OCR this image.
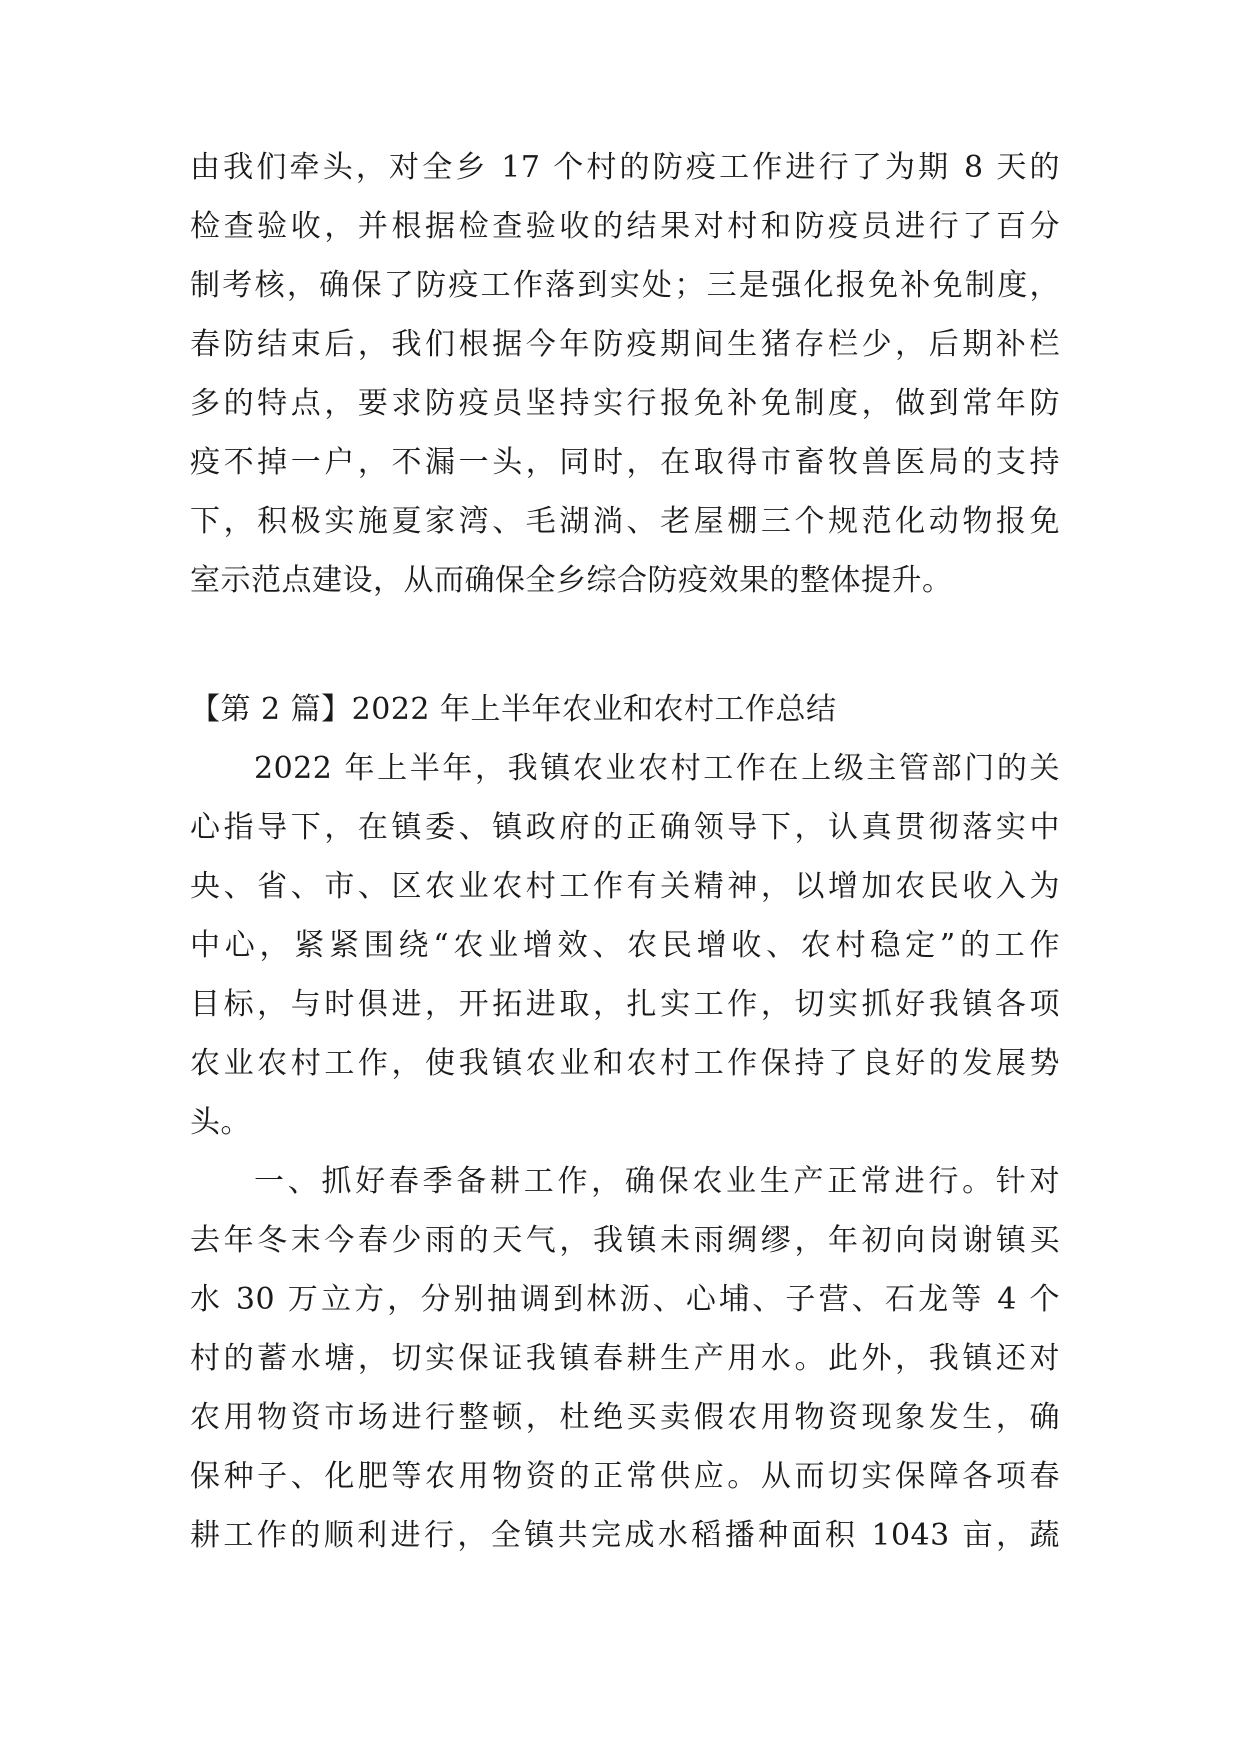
由我们牵头，对全乡 17 个村的防疫工作进行了为期 8 天的
检查验收，并根据检查验收的结果对村和防疫员进行了百分
制考核，确保了防疫工作落到实处；三是强化报免补免制度，
春防结束后，我们根据今年防疫期间生猪存栏少，后期补栏
多的特点，要求防疫员坚持实行报免补免制度，做到常年防
疫不掉一户，不漏一头，同时，在取得市畜牧兽医局的支持
下，积极实施夏家湾、毛湖淌、老屋棚三个规范化动物报免
室示范点建设，从而确保全乡综合防疫效果的整体提升。
【第 2 篇】2022 年上半年农业和农村工作总结
2022 年上半年，我镇农业农村工作在上级主管部门的关
心指导下，在镇委、镇政府的正确领导下，认真贯彻落实中
央、省、市、区农业农村工作有关精神，以增加农民收入为
中心，紧紧围绕“农业增效、农民增收、农村稳定”的工作
目标，与时俱进，开拓进取，扎实工作，切实抓好我镇各项
农业农村工作，使我镇农业和农村工作保持了良好的发展势
头。
一、抓好春季备耕工作，确保农业生产正常进行。针对
去年冬末今春少雨的天气，我镇未雨绸缪，年初向岗谢镇买
水 30 万立方，分别抽调到林沥、心埔、子营、石龙等 4 个
村的蓄水塘，切实保证我镇春耕生产用水。此外，我镇还对
农用物资市场进行整顿，杜绝买卖假农用物资现象发生，确
保种子、化肥等农用物资的正常供应。从而切实保障各项春
耕工作的顺利进行，全镇共完成水稻播种面积 1043 亩，蔬
